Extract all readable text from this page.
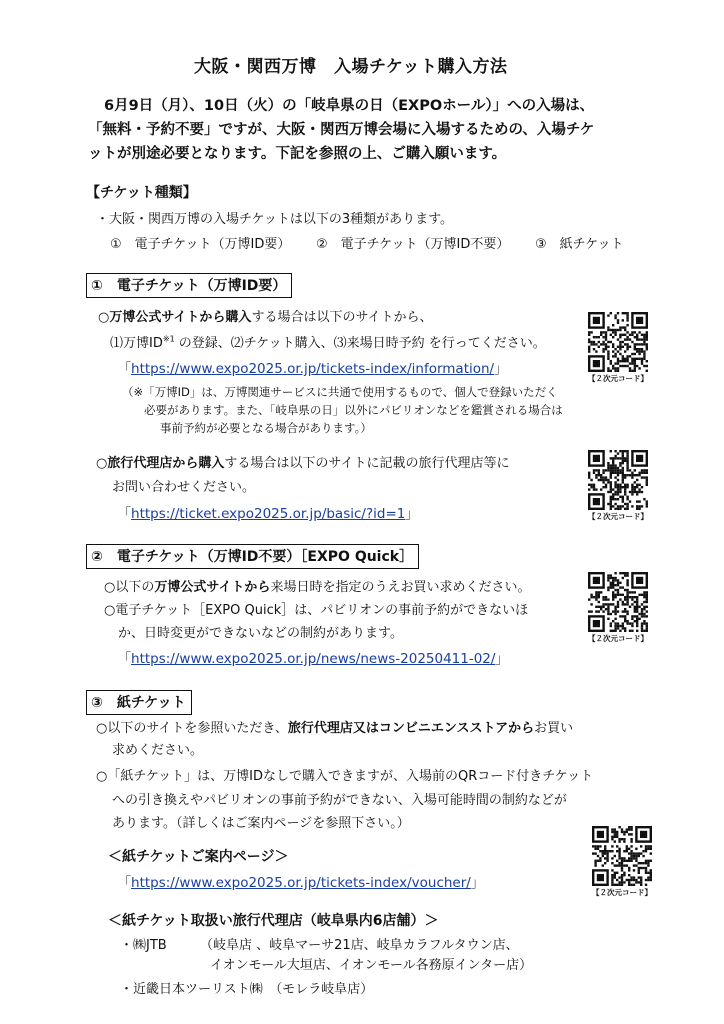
大阪・関西万博　入場チケット購入方法
6月9日（月）、10日（火）の「岐阜県の日（EXPOホール）」への入場は、
「無料・予約不要」ですが、大阪・関西万博会場に入場するための、入場チケ
ットが別途必要となります。下記を参照の上、ご購入願います。
【チケット種類】
・大阪・関西万博の入場チケットは以下の3種類があります。
①　電子チケット（万博ID要） ②　電子チケット（万博ID不要） ③　紙チケット
①　電子チケット（万博ID要）
○万博公式サイトから購入する場合は以下のサイトから、
⑴万博ID$^{※1}$ の登録、⑵チケット購入、⑶来場日時予約 を行ってください。
「https://www.expo2025.or.jp/tickets-index/information/」
（※「万博ID」は、万博関連サービスに共通で使用するもので、個人で登録いただく
必要があります。また、「岐阜県の日」以外にパビリオンなどを鑑賞される場合は
事前予約が必要となる場合があります。）
○旅行代理店から購入する場合は以下のサイトに記載の旅行代理店等に
お問い合わせください。
「https://ticket.expo2025.or.jp/basic/?id=1」
②　電子チケット（万博ID不要）［EXPO Quick］
○以下の万博公式サイトから来場日時を指定のうえお買い求めください。
○電子チケット［EXPO Quick］は、パビリオンの事前予約ができないほ
か、日時変更ができないなどの制約があります。
「https://www.expo2025.or.jp/news/news-20250411-02/」
③　紙チケット
○以下のサイトを参照いただき、旅行代理店又はコンビニエンスストアからお買い
求めください。
○「紙チケット」は、万博IDなしで購入できますが、入場前のQRコード付きチケット
への引き換えやパビリオンの事前予約ができない、入場可能時間の制約などが
あります。（詳しくはご案内ページを参照下さい。）
＜紙チケットご案内ページ＞
「https://www.expo2025.or.jp/tickets-index/voucher/」
＜紙チケット取扱い旅行代理店（岐阜県内6店舗）＞
・㈱JTB	（岐阜店 、岐阜マーサ21店、岐阜カラフルタウン店、
イオンモール大垣店、イオンモール各務原インター店）
・近畿日本ツーリスト㈱　（モレラ岐阜店）
【２次元コード】
【２次元コード】
【２次元コード】
【２次元コード】
